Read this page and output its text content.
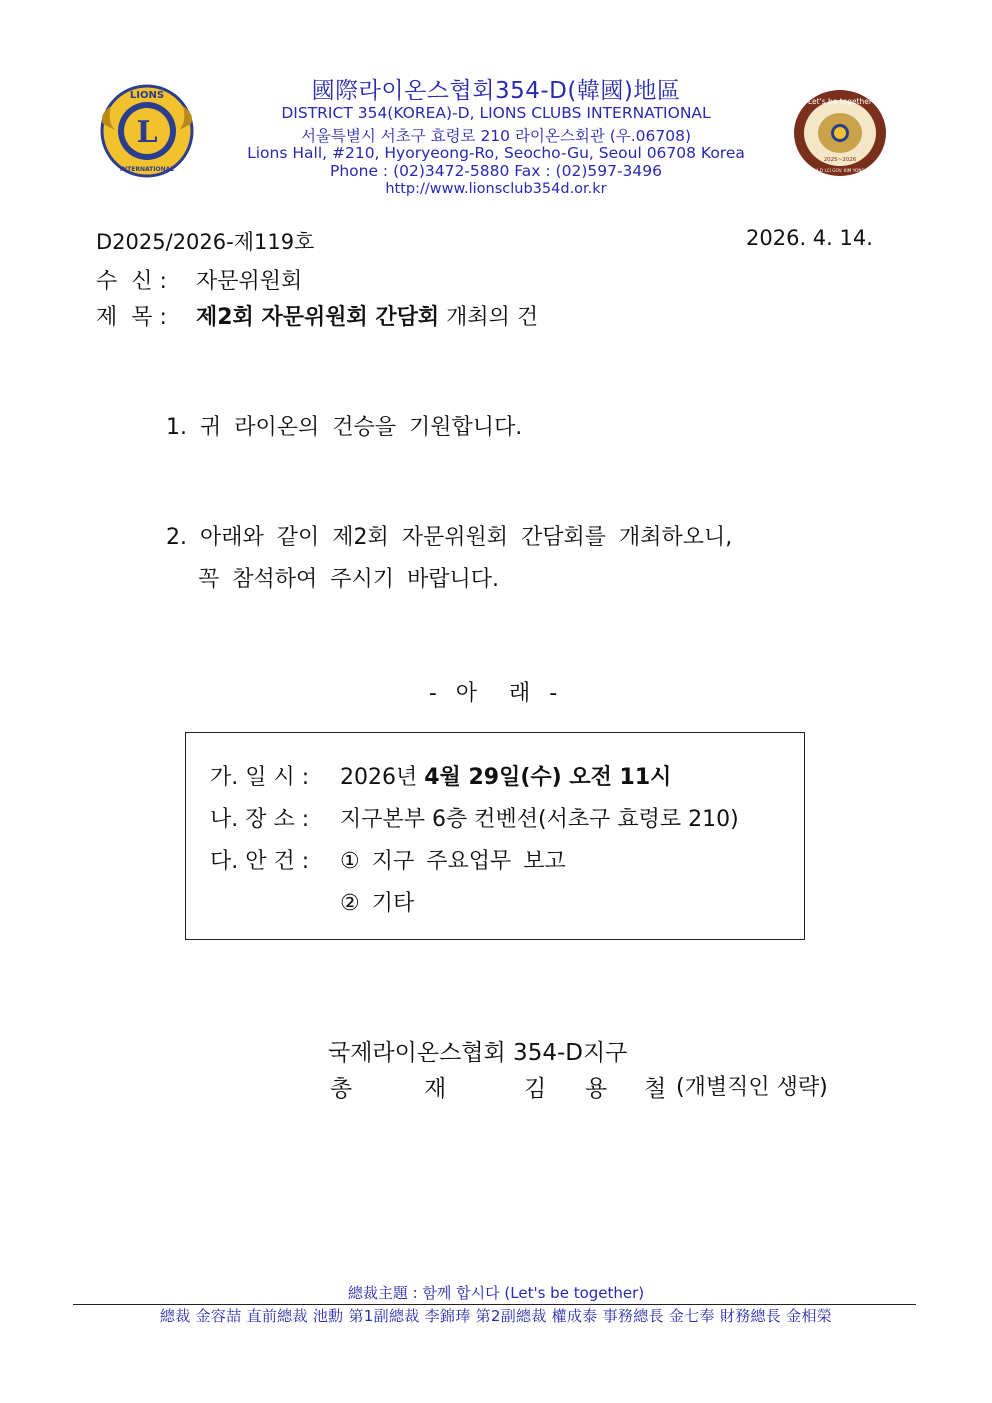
L
LIONS
INTERNATIONAL
Let's be together
2025~2026
DIST 354-D LCI GOV. KIM YONG-CHEOL
國際라이온스협회354-D(韓國)地區
DISTRICT 354(KOREA)-D, LIONS CLUBS INTERNATIONAL
서울특별시 서초구 효령로 210 라이온스회관 (우.06708)
Lions Hall, #210, Hyoryeong-Ro, Seocho-Gu, Seoul 06708 Korea
Phone : (02)3472-5880 Fax : (02)597-3496
http://www.lionsclub354d.or.kr
D2025/2026-제119호	2026. 4. 14.
수  신 : 자문위원회
제  목 : 제2회 자문위원회 간담회 개최의 건
1. 귀 라이온의 건승을 기원합니다.
2. 아래와 같이 제2회 자문위원회 간담회를 개최하오니,
꼭 참석하여 주시기 바랍니다.
- 아  래 -
가. 일 시 : 2026년 4월 29일(수) 오전 11시
나. 장 소 : 지구본부 6층 컨벤션(서초구 효령로 210)
다. 안 건 : ① 지구 주요업무 보고
② 기타
국제라이온스협회 354-D지구
총	재	김 용 철 (개별직인 생략)
總裁主題 : 함께 합시다 (Let's be together)
總裁 金容喆 直前總裁 池勳 第1副總裁 李錦琫 第2副總裁 權成泰 事務總長 金七奉 財務總長 金相榮
